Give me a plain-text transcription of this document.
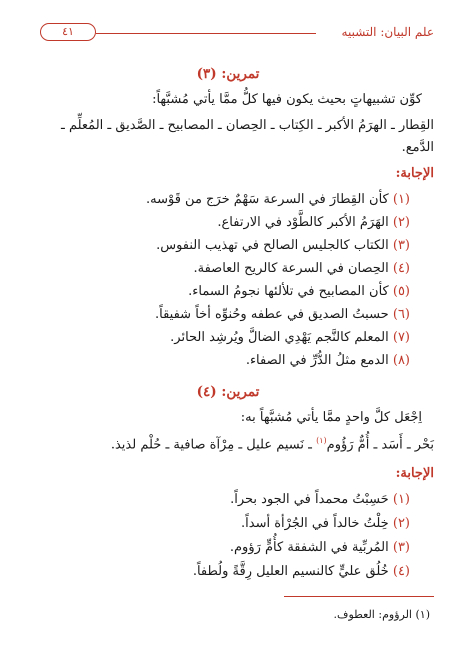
علم البيان: التشبيه
٤١
تمرين: (٣)
كوِّن تشبيهاتٍ بحيث يكون فيها كلُّ ممَّا يأتي مُشبَّهاً:
القِطار ـ الهرَمُ الأكبر ـ الكِتاب ـ الحِصان ـ المصابيح ـ الصَّديق ـ المُعلِّم ـ
الدَّمع.
الإجابة:
(١) كأن القِطارَ في السرعة سَهْمٌ خرَج من قَوْسه.
(٢) الهَرَمُ الأكبر كالطَّوْد في الارتفاع.
(٣) الكتاب كالجليس الصالح في تهذيب النفوس.
(٤) الحِصان في السرعة كالريح العاصفة.
(٥) كأن المصابيح في تلألئها نجومُ السماء.
(٦) حسبتُ الصديق في عطفه وحُنوِّه أخاً شفيقاً.
(٧) المعلم كالنَّجم يَهْدِي الضالَّ ويُرشِد الحائر.
(٨) الدمع مثلُ الدُّرِّ في الصفاء.
تمرين: (٤)
اِجْعَل كلَّ واحدٍ ممَّا يأتي مُشبَّهاً به:
بَحْر ـ أَسَد ـ أُمٌّ رَؤُوم$^{(١)}$ ـ نَسيم عليل ـ مِرْآة صافية ـ حُلْم لذيذ.
الإجابة:
(١) حَسِبْتُ محمداً في الجود بحراً.
(٢) خِلْتُ خالداً في الجُرْأة أسداً.
(٣) المُربِّية في الشفقة كأُمٍّ رَؤوم.
(٤) خُلُق عليٍّ كالنسيم العليل رِقَّةً ولُطفاً.
(١) الرؤوم: العطوف.
